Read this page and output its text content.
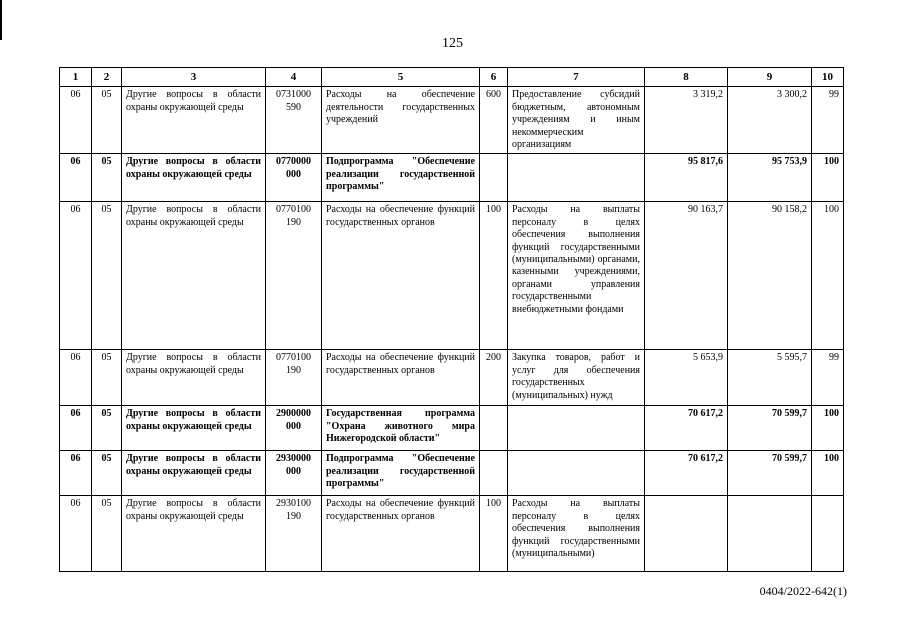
125
1	2	3	4	5	6	7	8	9	10
06	05	Другие вопросы в области охраны окружающей среды	0731000 590	Расходы на обеспечение деятельности государственных учреждений	600	Предоставление субсидий бюджетным, автономным учреждениям и иным некоммерческим организациям	3 319,2	3 300,2	99
06	05	Другие вопросы в области охраны окружающей среды	0770000 000	Подпрограмма "Обеспечение реализации государственной программы"			95 817,6	95 753,9	100
06	05	Другие вопросы в области охраны окружающей среды	0770100 190	Расходы на обеспечение функций государственных органов	100	Расходы на выплаты персоналу в целях обеспечения выполнения функций государственными (муниципальными) органами, казенными учреждениями, органами управления государственными внебюджетными фондами	90 163,7	90 158,2	100
06	05	Другие вопросы в области охраны окружающей среды	0770100 190	Расходы на обеспечение функций государственных органов	200	Закупка товаров, работ и услуг для обеспечения государственных (муниципальных) нужд	5 653,9	5 595,7	99
06	05	Другие вопросы в области охраны окружающей среды	2900000 000	Государственная программа "Охрана животного мира Нижегородской области"			70 617,2	70 599,7	100
06	05	Другие вопросы в области охраны окружающей среды	2930000 000	Подпрограмма "Обеспечение реализации государственной программы"			70 617,2	70 599,7	100
06	05	Другие вопросы в области охраны окружающей среды	2930100 190	Расходы на обеспечение функций государственных органов	100	Расходы на выплаты персоналу в целях обеспечения выполнения функций государственными (муниципальными)			
0404/2022-642(1)
